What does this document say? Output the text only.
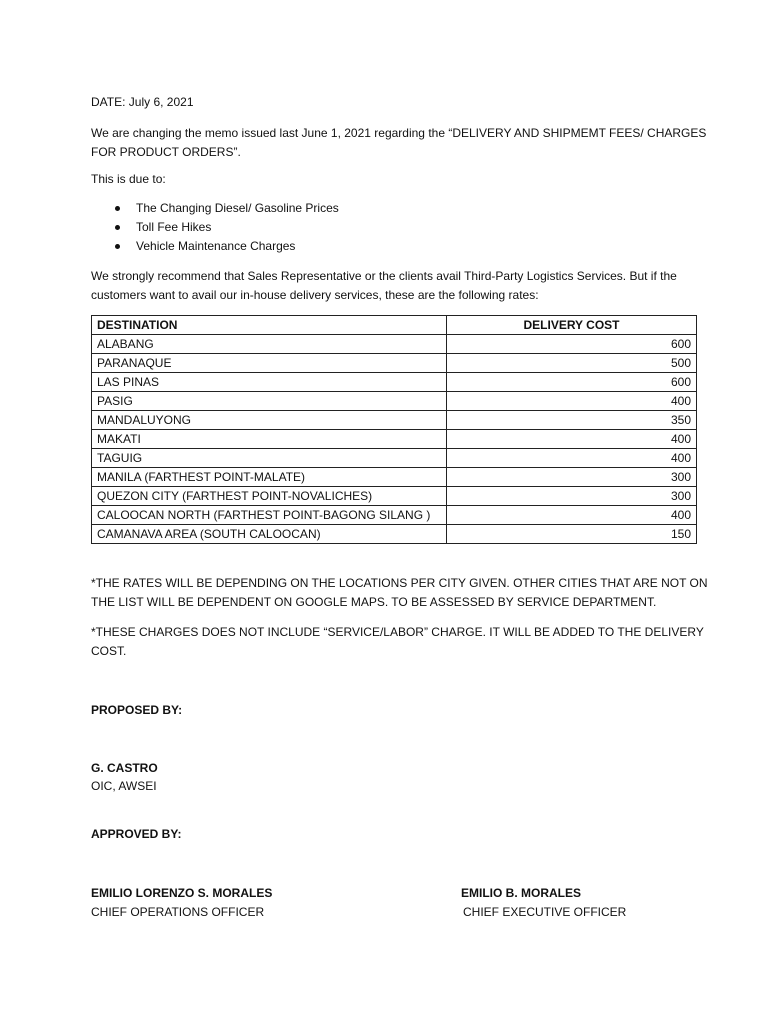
DATE: July 6, 2021
We are changing the memo issued last June 1, 2021 regarding the “DELIVERY AND SHIPMEMT FEES/ CHARGES FOR PRODUCT ORDERS”.
This is due to:
The Changing Diesel/ Gasoline Prices
Toll Fee Hikes
Vehicle Maintenance Charges
We strongly recommend that Sales Representative or the clients avail Third-Party Logistics Services. But if the customers want to avail our in-house delivery services, these are the following rates:
DESTINATION	DELIVERY COST
ALABANG	600
PARANAQUE	500
LAS PINAS	600
PASIG	400
MANDALUYONG	350
MAKATI	400
TAGUIG	400
MANILA (FARTHEST POINT-MALATE)	300
QUEZON CITY (FARTHEST POINT-NOVALICHES)	300
CALOOCAN NORTH (FARTHEST POINT-BAGONG SILANG )	400
CAMANAVA AREA (SOUTH CALOOCAN)	150
*THE RATES WILL BE DEPENDING ON THE LOCATIONS PER CITY GIVEN. OTHER CITIES THAT ARE NOT ON THE LIST WILL BE DEPENDENT ON GOOGLE MAPS. TO BE ASSESSED BY SERVICE DEPARTMENT.
*THESE CHARGES DOES NOT INCLUDE “SERVICE/LABOR” CHARGE. IT WILL BE ADDED TO THE DELIVERY COST.
PROPOSED BY:
G. CASTRO
OIC, AWSEI
APPROVED BY:
EMILIO LORENZO S. MORALES
CHIEF OPERATIONS OFFICER
EMILIO B. MORALES
CHIEF EXECUTIVE OFFICER
